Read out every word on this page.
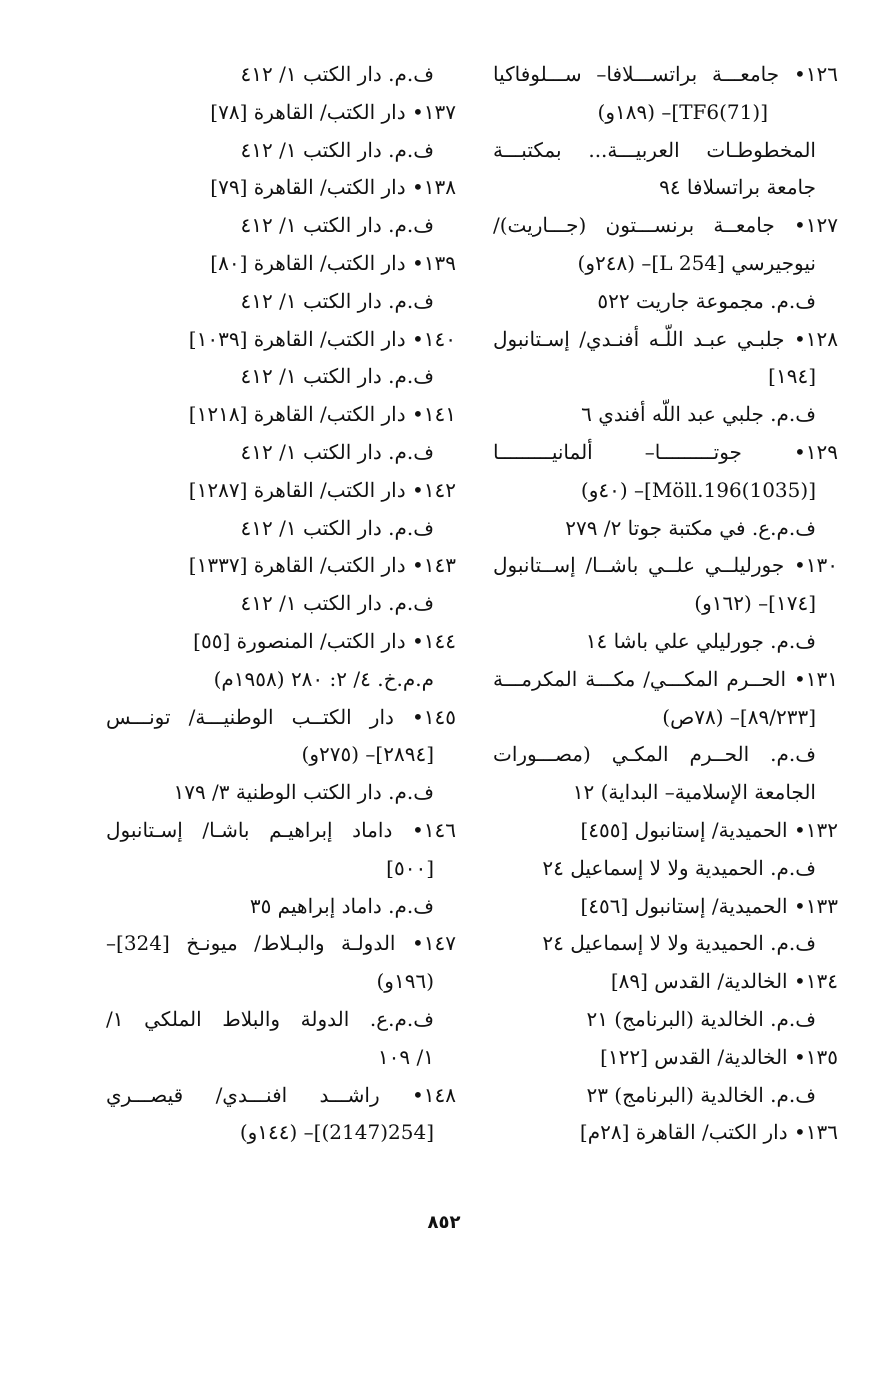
١٢٦• جامعـــة براتســـلافا– ســـلوفاكيا
[TF6(71)]– (١٨٩و)
المخطوطـات العربيـــة... بمكتبـــة
جامعة براتسلافا ٩٤
١٢٧• جامعــة برنســـتون (جـــاريت)/
نيوجيرسي [254 L]– (٢٤٨و)
ف.م. مجموعة جاريت ٥٢٢
١٢٨• جلبـي عبـد اللّـه أفنـدي/ إسـتانبول
[١٩٤]
ف.م. جلبي عبد اللّه أفندي ٦
١٢٩• جوتـــــــــا– ألمانيـــــــــا
[Möll.196(1035)]– (٤٠و)
ف.م.ع. في مكتبة جوتا ٢/ ٢٧٩
١٣٠• جورليلــي علــي باشــا/ إســتانبول
[١٧٤]– (١٦٢و)
ف.م. جورليلي علي باشا ١٤
١٣١• الحــرم المكـــي/ مكـــة المكرمـــة
[٨٩/٢٣٣]– (٧٨ص)
ف.م. الحــرم المكـي (مصـــورات
الجامعة الإسلامية– البداية) ١٢
١٣٢• الحميدية/ إستانبول [٤٥٥]
ف.م. الحميدية ولا لا إسماعيل ٢٤
١٣٣• الحميدية/ إستانبول [٤٥٦]
ف.م. الحميدية ولا لا إسماعيل ٢٤
١٣٤• الخالدية/ القدس [٨٩]
ف.م. الخالدية (البرنامج) ٢١
١٣٥• الخالدية/ القدس [١٢٢]
ف.م. الخالدية (البرنامج) ٢٣
١٣٦• دار الكتب/ القاهرة [٢٨م]
ف.م. دار الكتب ١/ ٤١٢
١٣٧• دار الكتب/ القاهرة [٧٨]
ف.م. دار الكتب ١/ ٤١٢
١٣٨• دار الكتب/ القاهرة [٧٩]
ف.م. دار الكتب ١/ ٤١٢
١٣٩• دار الكتب/ القاهرة [٨٠]
ف.م. دار الكتب ١/ ٤١٢
١٤٠• دار الكتب/ القاهرة [١٠٣٩]
ف.م. دار الكتب ١/ ٤١٢
١٤١• دار الكتب/ القاهرة [١٢١٨]
ف.م. دار الكتب ١/ ٤١٢
١٤٢• دار الكتب/ القاهرة [١٢٨٧]
ف.م. دار الكتب ١/ ٤١٢
١٤٣• دار الكتب/ القاهرة [١٣٣٧]
ف.م. دار الكتب ١/ ٤١٢
١٤٤• دار الكتب/ المنصورة [٥٥]
م.م.خ. ٤/ ٢: ٢٨٠ (١٩٥٨م)
١٤٥• دار الكتــب الوطنيـــة/ تونـــس
[٢٨٩٤]– (٢٧٥و)
ف.م. دار الكتب الوطنية ٣/ ١٧٩
١٤٦• داماد إبراهيـم باشـا/ إسـتانبول
[٥٠٠]
ف.م. داماد إبراهيم ٣٥
١٤٧• الدولـة والبـلاط/ ميونـخ [324]–
(١٩٦و)
ف.م.ع. الدولة والبلاط الملكي ١/
١/ ١٠٩
١٤٨• راشـــد افنـــدي/ قيصـــري
[254(2147)]– (١٤٤و)
٨٥٢
